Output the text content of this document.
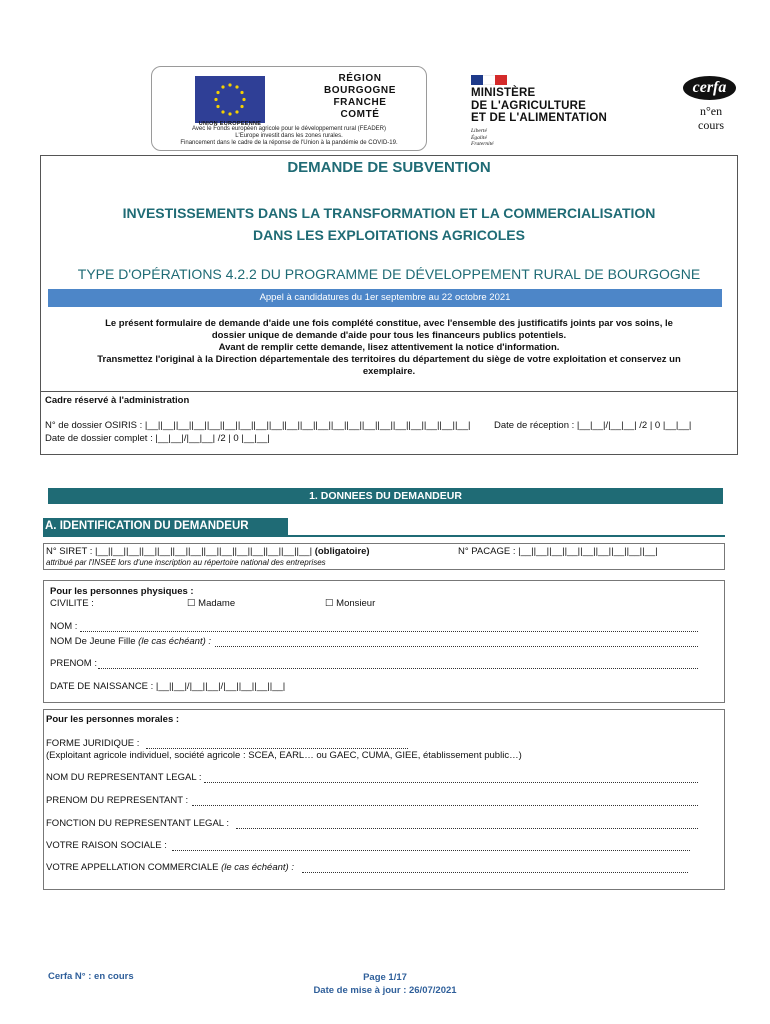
UNION EUROPEENNE
RÉGION
BOURGOGNE
FRANCHE
COMTÉ
Avec le Fonds européen agricole pour le développement rural (FEADER)
L'Europe investit dans les zones rurales.
Financement dans le cadre de la réponse de l'Union à la pandémie de COVID-19.
MINISTÈRE
DE L'AGRICULTURE
ET DE L'ALIMENTATION
Liberté
Égalité
Fraternité
cerfa
n°en
cours
DEMANDE DE SUBVENTION
INVESTISSEMENTS DANS LA TRANSFORMATION ET LA COMMERCIALISATION
DANS LES EXPLOITATIONS AGRICOLES
TYPE D'OPÉRATIONS 4.2.2 DU PROGRAMME DE DÉVELOPPEMENT RURAL DE BOURGOGNE
Appel à candidatures du 1er septembre au 22 octobre 2021
Le présent formulaire de demande d'aide une fois complété constitue, avec l'ensemble des justificatifs joints par vos soins, le
dossier unique de demande d'aide pour tous les financeurs publics potentiels.
Avant de remplir cette demande, lisez attentivement la notice d'information.
Transmettez l'original à la Direction départementale des territoires du département du siège de votre exploitation et conservez un
exemplaire.
Cadre réservé à l'administration
N° de dossier OSIRIS : |__||__||__||__||__||__||__||__||__||__||__||__||__||__||__||__||__||__||__||__||__|
Date de dossier complet : |__|__|/|__|__| /2 | 0 |__|__|
Date de réception : |__|__|/|__|__| /2 | 0 |__|__|
1. DONNEES DU DEMANDEUR
A. IDENTIFICATION DU DEMANDEUR
N° SIRET : |__||__||__||__||__||__||__||__||__||__||__||__||__||__| (obligatoire)
attribué par l'INSEE lors d'une inscription au répertoire national des entreprises
N° PACAGE : |__||__||__||__||__||__||__||__||__|
Pour les personnes physiques :
CIVILITE :	☐ Madame	☐ Monsieur
NOM :
NOM De Jeune Fille (le cas échéant) :
PRENOM :
DATE DE NAISSANCE : |__||__|/|__||__|/|__||__||__||__|
Pour les personnes morales :
FORME JURIDIQUE :
(Exploitant agricole individuel, société agricole : SCEA, EARL… ou GAEC, CUMA, GIEE, établissement public…)
NOM DU REPRESENTANT LEGAL :
PRENOM DU REPRESENTANT :
FONCTION DU REPRESENTANT LEGAL :
VOTRE RAISON SOCIALE :
VOTRE APPELLATION COMMERCIALE (le cas échéant) :
Cerfa N° : en cours	Page 1/17
Date de mise à jour : 26/07/2021
